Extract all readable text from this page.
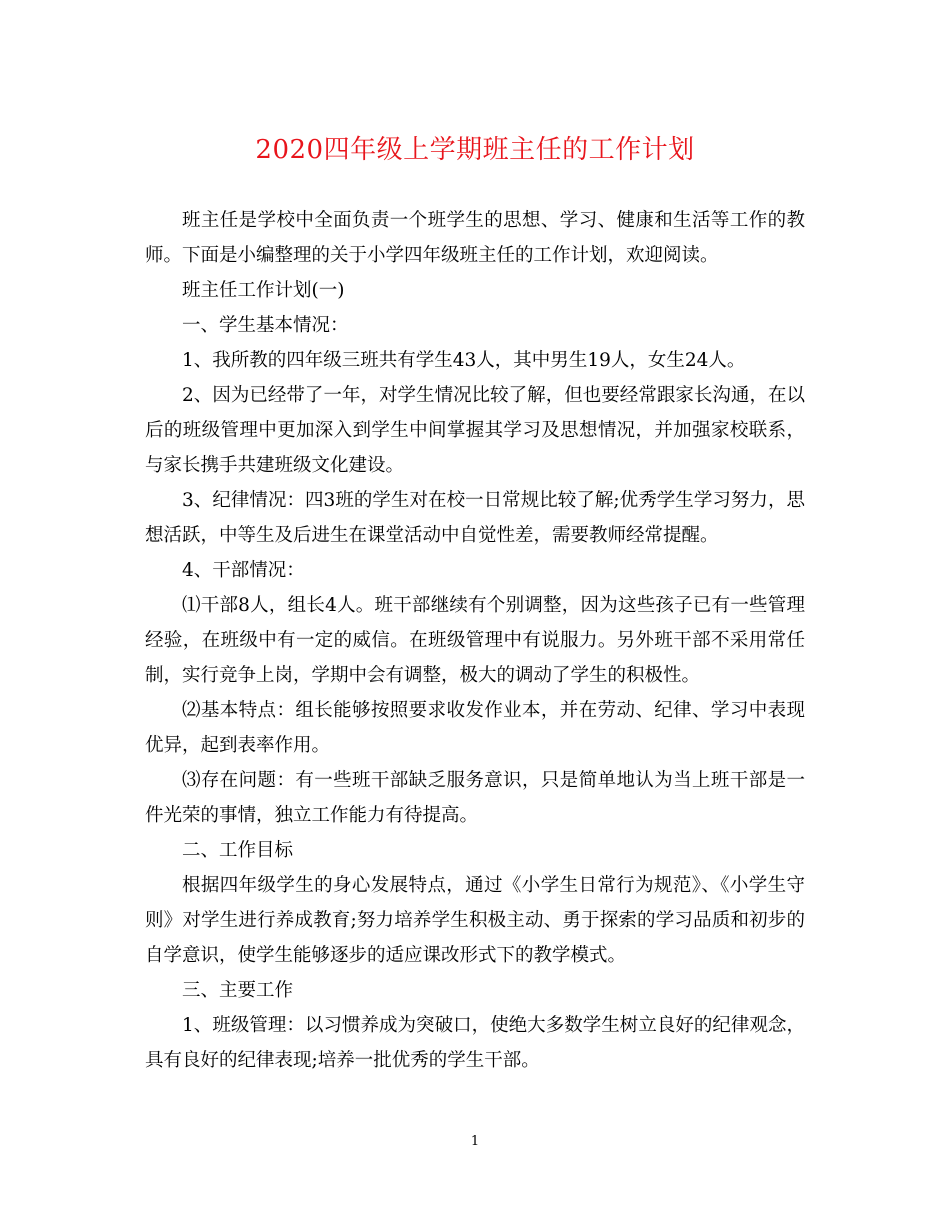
2020四年级上学期班主任的工作计划

班主任是学校中全面负责一个班学生的思想、学习、健康和生活等工作的教师。下面是小编整理的关于小学四年级班主任的工作计划，欢迎阅读。

班主任工作计划(一)

一、学生基本情况：

1、我所教的四年级三班共有学生43人，其中男生19人，女生24人。

2、因为已经带了一年，对学生情况比较了解，但也要经常跟家长沟通，在以后的班级管理中更加深入到学生中间掌握其学习及思想情况，并加强家校联系，与家长携手共建班级文化建设。

3、纪律情况：四3班的学生对在校一日常规比较了解;优秀学生学习努力，思想活跃，中等生及后进生在课堂活动中自觉性差，需要教师经常提醒。

4、干部情况：

⑴干部8人，组长4人。班干部继续有个别调整，因为这些孩子已有一些管理经验，在班级中有一定的威信。在班级管理中有说服力。另外班干部不采用常任制，实行竞争上岗，学期中会有调整，极大的调动了学生的积极性。

⑵基本特点：组长能够按照要求收发作业本，并在劳动、纪律、学习中表现优异，起到表率作用。

⑶存在问题：有一些班干部缺乏服务意识，只是简单地认为当上班干部是一件光荣的事情，独立工作能力有待提高。

二、工作目标

根据四年级学生的身心发展特点，通过《小学生日常行为规范》、《小学生守则》对学生进行养成教育;努力培养学生积极主动、勇于探索的学习品质和初步的自学意识，使学生能够逐步的适应课改形式下的教学模式。

三、主要工作

1、班级管理：以习惯养成为突破口，使绝大多数学生树立良好的纪律观念，具有良好的纪律表现;培养一批优秀的学生干部。

1
